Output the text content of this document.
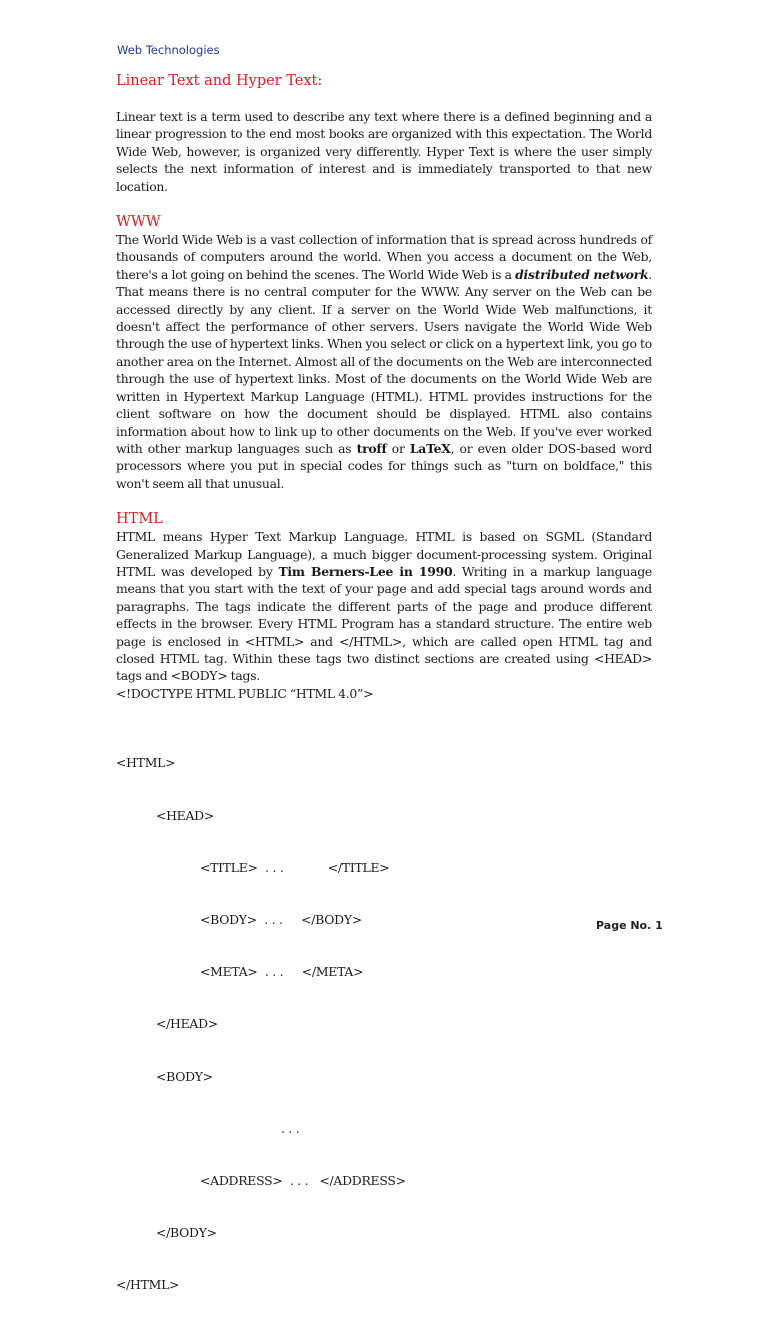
Web Technologies
Linear Text and Hyper Text:

Linear text is a term used to describe any text where there is a defined beginning and a linear progression to the end most books are organized with this expectation. The World Wide Web, however, is organized very differently. Hyper Text is where the user simply selects the next information of interest and is immediately transported to that new location.

WWW

The World Wide Web is a vast collection of information that is spread across hundreds of thousands of computers around the world. When you access a document on the Web, there's a lot going on behind the scenes. The World Wide Web is a distributed network. That means there is no central computer for the WWW. Any server on the Web can be accessed directly by any client. If a server on the World Wide Web malfunctions, it doesn't affect the performance of other servers. Users navigate the World Wide Web through the use of hypertext links. When you select or click on a hypertext link, you go to another area on the Internet. Almost all of the documents on the Web are interconnected through the use of hypertext links. Most of the documents on the World Wide Web are written in Hypertext Markup Language (HTML). HTML provides instructions for the client software on how the document should be displayed. HTML also contains information about how to link up to other documents on the Web. If you've ever worked with other markup languages such as troff or LaTeX, or even older DOS-based word processors where you put in special codes for things such as "turn on boldface," this won't seem all that unusual.

HTML

HTML means Hyper Text Markup Language. HTML is based on SGML (Standard Generalized Markup Language), a much bigger document-processing system. Original HTML was developed by Tim Berners-Lee in 1990. Writing in a markup language means that you start with the text of your page and add special tags around words and paragraphs. The tags indicate the different parts of the page and produce different effects in the browser. Every HTML Program has a standard structure. The entire web page is enclosed in <HTML> and </HTML>, which are called open HTML tag and closed HTML tag. Within these tags two distinct sections are created using <HEAD> tags and <BODY> tags.

<!DOCTYPE HTML PUBLIC “HTML 4.0”>

<HTML>

<HEAD>

<TITLE>  . . .            </TITLE>

<BODY>  . . .     </BODY>

<META>  . . .     </META>

</HEAD>

<BODY>

. . .

<ADDRESS>  . . .   </ADDRESS>

</BODY>

</HTML>

Page No. 1
